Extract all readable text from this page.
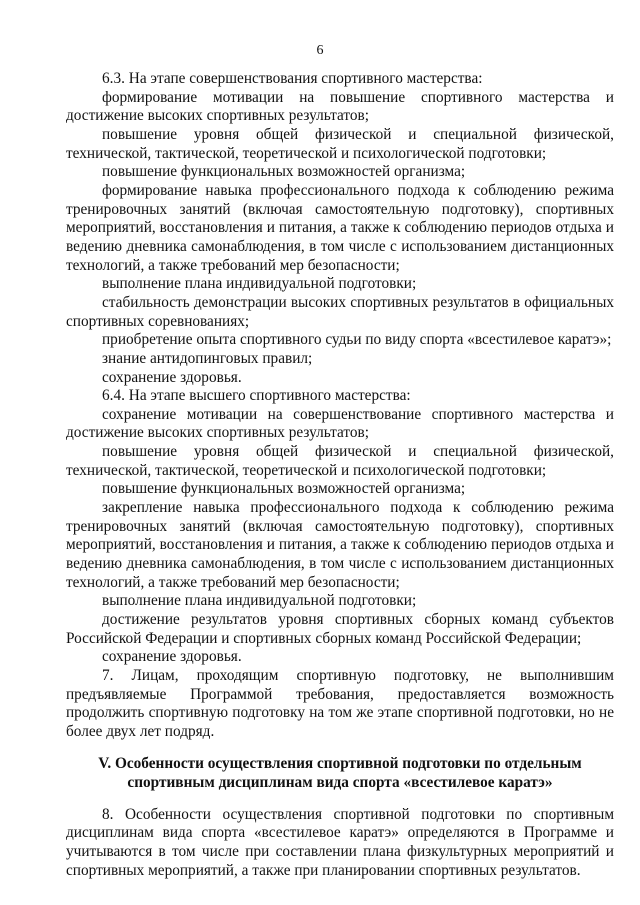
6

6.3. На этапе совершенствования спортивного мастерства:

формирование мотивации на повышение спортивного мастерства и достижение высоких спортивных результатов;

повышение уровня общей физической и специальной физической, технической, тактической, теоретической и психологической подготовки;

повышение функциональных возможностей организма;

формирование навыка профессионального подхода к соблюдению режима тренировочных занятий (включая самостоятельную подготовку), спортивных мероприятий, восстановления и питания, а также к соблюдению периодов отдыха и ведению дневника самонаблюдения, в том числе с использованием дистанционных технологий, а также требований мер безопасности;

выполнение плана индивидуальной подготовки;

стабильность демонстрации высоких спортивных результатов в официальных спортивных соревнованиях;

приобретение опыта спортивного судьи по виду спорта «всестилевое каратэ»;

знание антидопинговых правил;

сохранение здоровья.

6.4. На этапе высшего спортивного мастерства:

сохранение мотивации на совершенствование спортивного мастерства и достижение высоких спортивных результатов;

повышение уровня общей физической и специальной физической, технической, тактической, теоретической и психологической подготовки;

повышение функциональных возможностей организма;

закрепление навыка профессионального подхода к соблюдению режима тренировочных занятий (включая самостоятельную подготовку), спортивных мероприятий, восстановления и питания, а также к соблюдению периодов отдыха и ведению дневника самонаблюдения, в том числе с использованием дистанционных технологий, а также требований мер безопасности;

выполнение плана индивидуальной подготовки;

достижение результатов уровня спортивных сборных команд субъектов Российской Федерации и спортивных сборных команд Российской Федерации;

сохранение здоровья.

7. Лицам, проходящим спортивную подготовку, не выполнившим предъявляемые Программой требования, предоставляется возможность продолжить спортивную подготовку на том же этапе спортивной подготовки, но не более двух лет подряд.

V. Особенности осуществления спортивной подготовки по отдельным
спортивным дисциплинам вида спорта «всестилевое каратэ»

8. Особенности осуществления спортивной подготовки по спортивным дисциплинам вида спорта «всестилевое каратэ» определяются в Программе и учитываются в том числе при составлении плана физкультурных мероприятий и спортивных мероприятий, а также при планировании спортивных результатов.
